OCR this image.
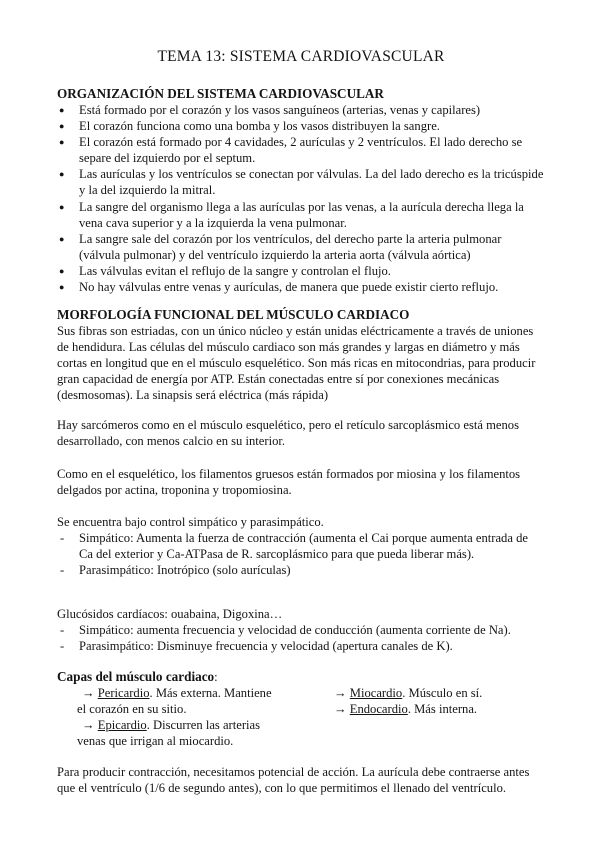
TEMA 13: SISTEMA CARDIOVASCULAR
ORGANIZACIÓN DEL SISTEMA CARDIOVASCULAR
● Está formado por el corazón y los vasos sanguíneos (arterias, venas y capilares)
● El corazón funciona como una bomba y los vasos distribuyen la sangre.
● El corazón está formado por 4 cavidades, 2 aurículas y 2 ventrículos. El lado derecho se separe del izquierdo por el septum.
● Las aurículas y los ventrículos se conectan por válvulas. La del lado derecho es la tricúspide y la del izquierdo la mitral.
● La sangre del organismo llega a las aurículas por las venas, a la aurícula derecha llega la vena cava superior y a la izquierda la vena pulmonar.
● La sangre sale del corazón por los ventrículos, del derecho parte la arteria pulmonar (válvula pulmonar) y del ventrículo izquierdo la arteria aorta (válvula aórtica)
● Las válvulas evitan el reflujo de la sangre y controlan el flujo.
● No hay válvulas entre venas y aurículas, de manera que puede existir cierto reflujo.
MORFOLOGÍA FUNCIONAL DEL MÚSCULO CARDIACO

Sus fibras son estriadas, con un único núcleo y están unidas eléctricamente a través de uniones de hendidura. Las células del músculo cardiaco son más grandes y largas en diámetro y más cortas en longitud que en el músculo esquelético. Son más ricas en mitocondrias, para producir gran capacidad de energía por ATP. Están conectadas entre sí por conexiones mecánicas (desmosomas). La sinapsis será eléctrica (más rápida)

Hay sarcómeros como en el músculo esquelético, pero el retículo sarcoplásmico está menos desarrollado, con menos calcio en su interior.

Como en el esquelético, los filamentos gruesos están formados por miosina y los filamentos delgados por actina, troponina y tropomiosina.

Se encuentra bajo control simpático y parasimpático.

- Simpático: Aumenta la fuerza de contracción (aumenta el Cai porque aumenta entrada de Ca del exterior y Ca-ATPasa de R. sarcoplásmico para que pueda liberar más).
- Parasimpático: Inotrópico (solo aurículas)

Glucósidos cardíacos: ouabaina, Digoxina…

- Simpático: aumenta frecuencia y velocidad de conducción (aumenta corriente de Na).
- Parasimpático: Disminuye frecuencia y velocidad (apertura canales de K).
Capas del músculo cardiaco:
→ Pericardio. Más externa. Mantiene
el corazón en su sitio.
→ Epicardio. Discurren las arterias
venas que irrigan al miocardio.
→ Miocardio. Músculo en sí.
→ Endocardio. Más interna.

Para producir contracción, necesitamos potencial de acción. La aurícula debe contraerse antes que el ventrículo (1/6 de segundo antes), con lo que permitimos el llenado del ventrículo.
